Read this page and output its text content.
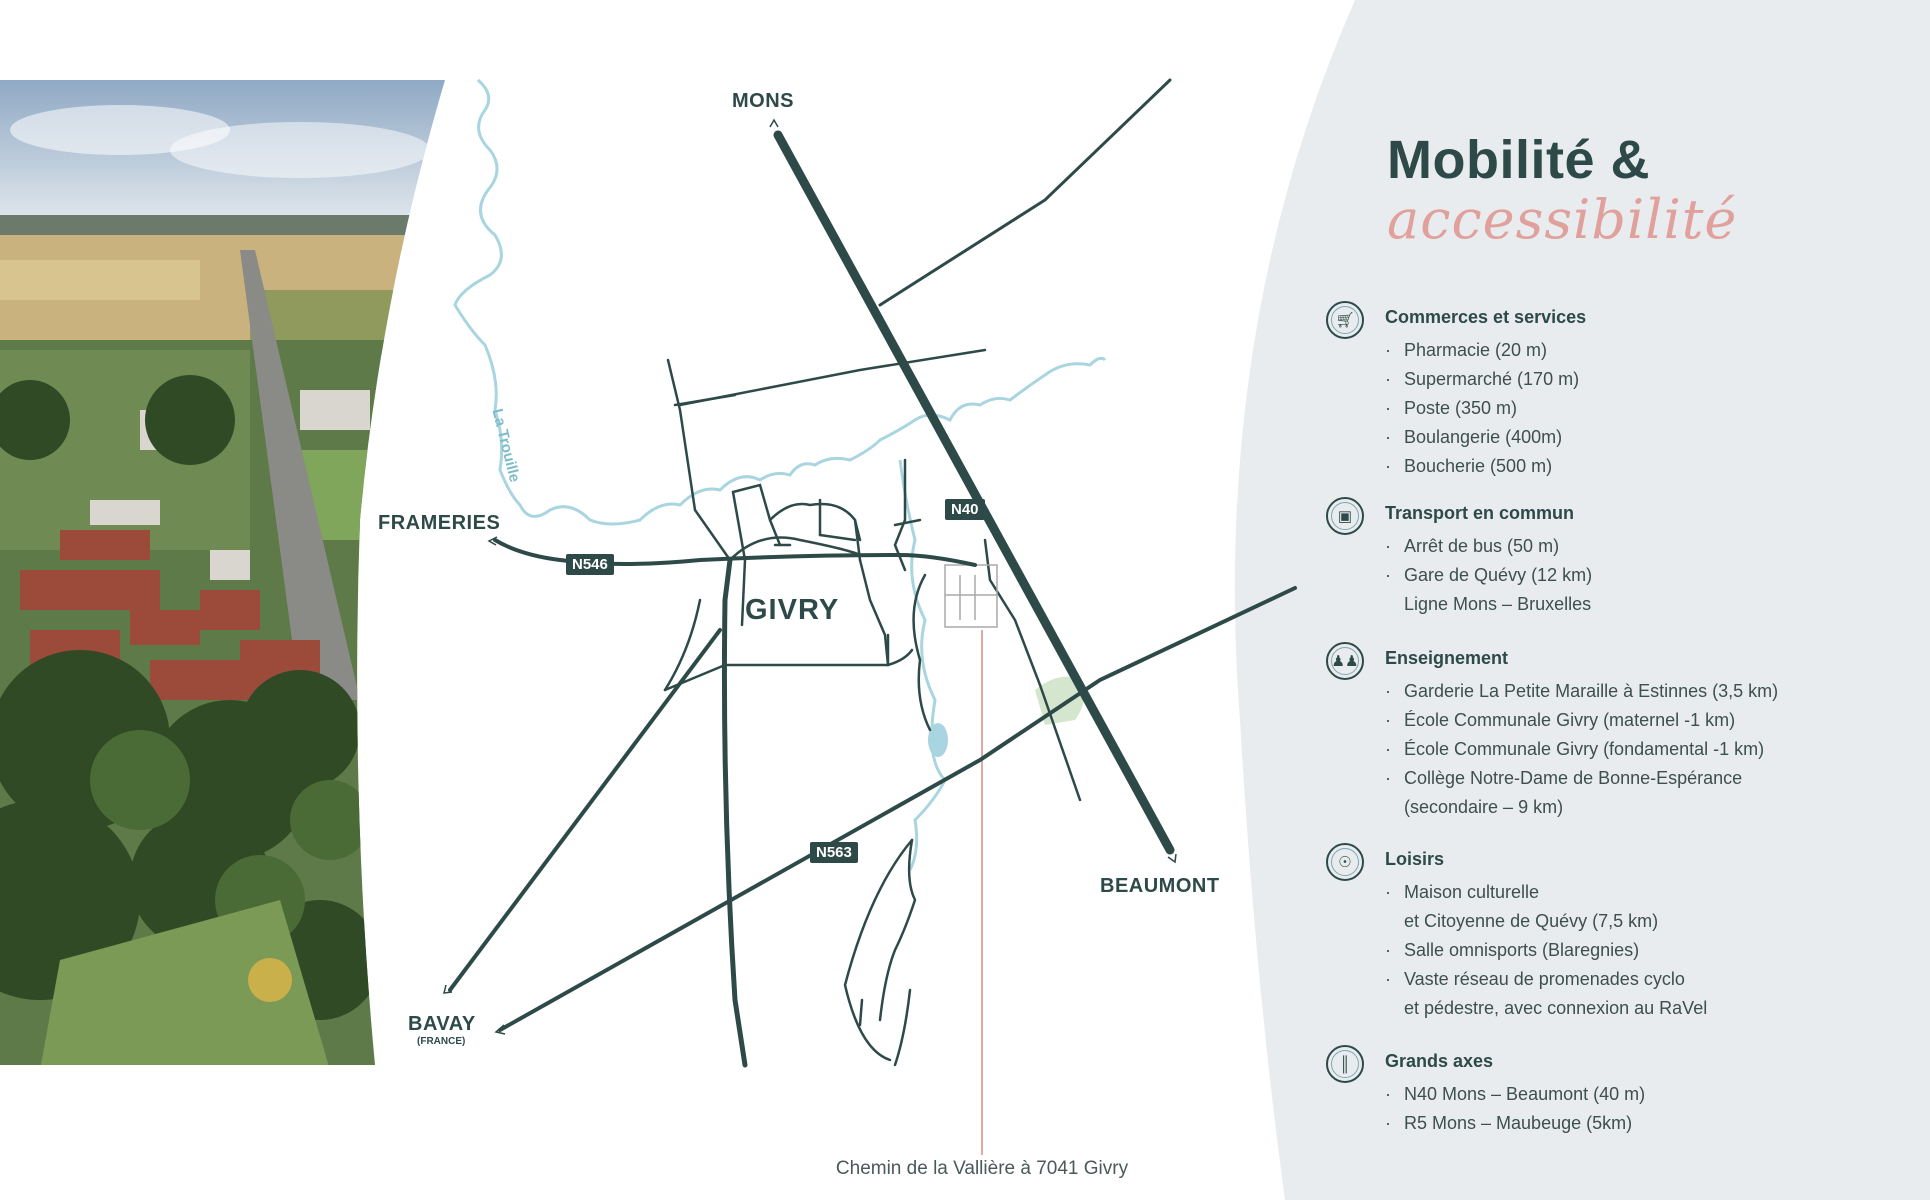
MONS
FRAMERIES
BEAUMONT
BAVAY
(FRANCE)
GIVRY
La Trouille
N40
N546
N563
Chemin de la Vallière à 7041 Givry
Mobilité &
accessibilité
🛒︎ Commerces et services
· Pharmacie (20 m)
· Supermarché (170 m)
· Poste (350 m)
· Boulangerie (400m)
· Boucherie (500 m)
▣ Transport en commun
· Arrêt de bus (50 m)
· Gare de Quévy (12 km)
Ligne Mons – Bruxelles
♟♟ Enseignement
· Garderie La Petite Maraille à Estinnes (3,5 km)
· École Communale Givry (maternel -1 km)
· École Communale Givry (fondamental -1 km)
· Collège Notre-Dame de Bonne-Espérance
(secondaire – 9 km)
☉ Loisirs
· Maison culturelle
et Citoyenne de Quévy (7,5 km)
· Salle omnisports (Blaregnies)
· Vaste réseau de promenades cyclo
et pédestre, avec connexion au RaVel
║ Grands axes
· N40 Mons – Beaumont (40 m)
· R5 Mons – Maubeuge (5km)
